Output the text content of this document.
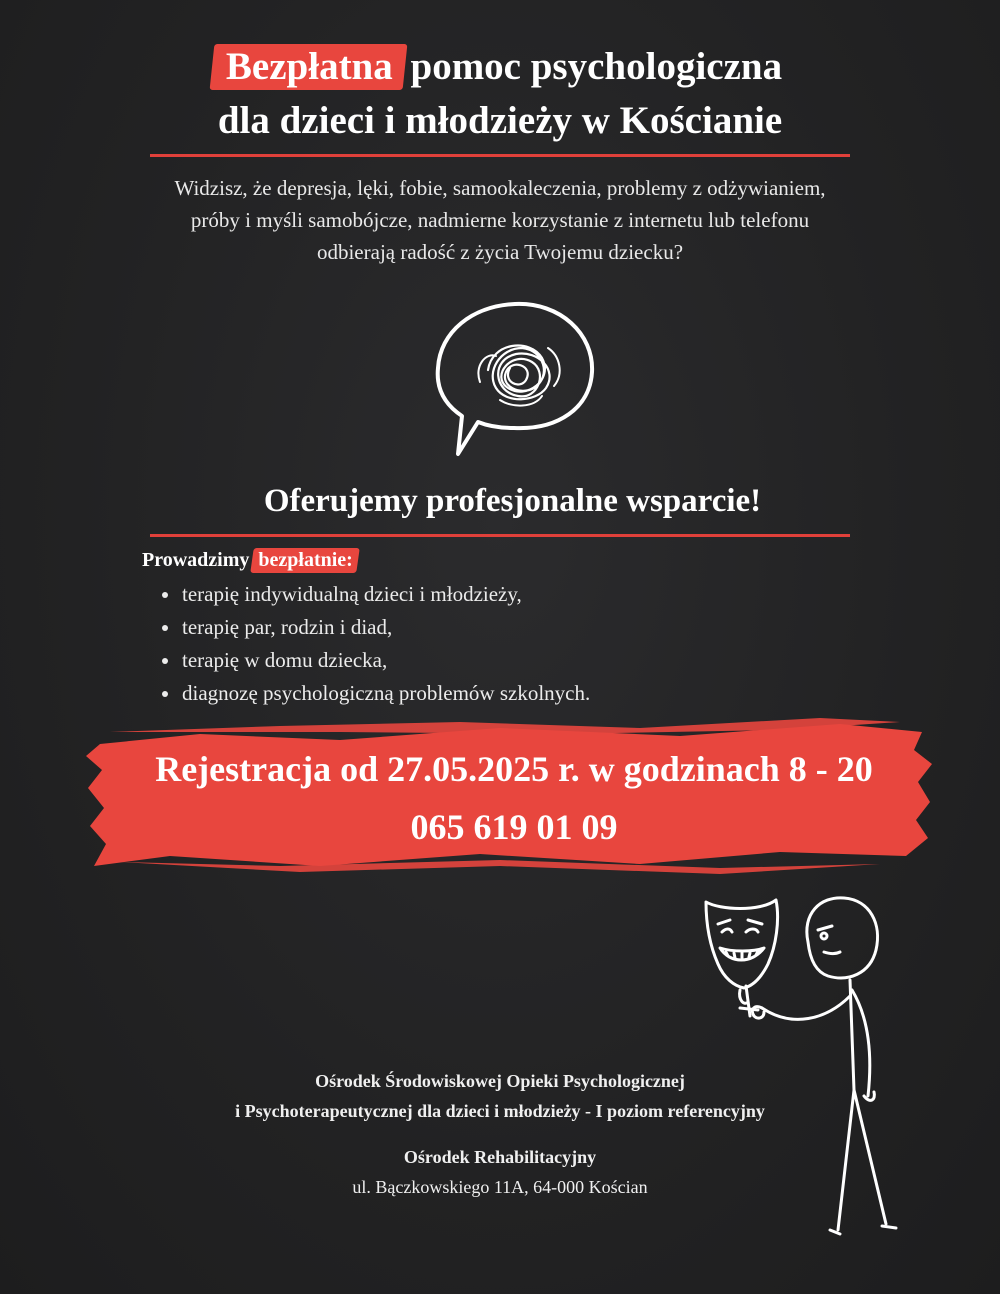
Bezpłatna pomoc psychologiczna
dla dzieci i młodzieży w Kościanie
Widzisz, że depresja, lęki, fobie, samookaleczenia, problemy z odżywianiem,
próby i myśli samobójcze, nadmierne korzystanie z internetu lub telefonu
odbierają radość z życia Twojemu dziecku?
Oferujemy profesjonalne wsparcie!
Prowadzimy bezpłatnie:
terapię indywidualną dzieci i młodzieży,
terapię par, rodzin i diad,
terapię w domu dziecka,
diagnozę psychologiczną problemów szkolnych.
Rejestracja od 27.05.2025 r. w godzinach 8 - 20
065 619 01 09
Ośrodek Środowiskowej Opieki Psychologicznej
i Psychoterapeutycznej dla dzieci i młodzieży - I poziom referencyjny
Ośrodek Rehabilitacyjny
ul. Bączkowskiego 11A, 64-000 Kościan
